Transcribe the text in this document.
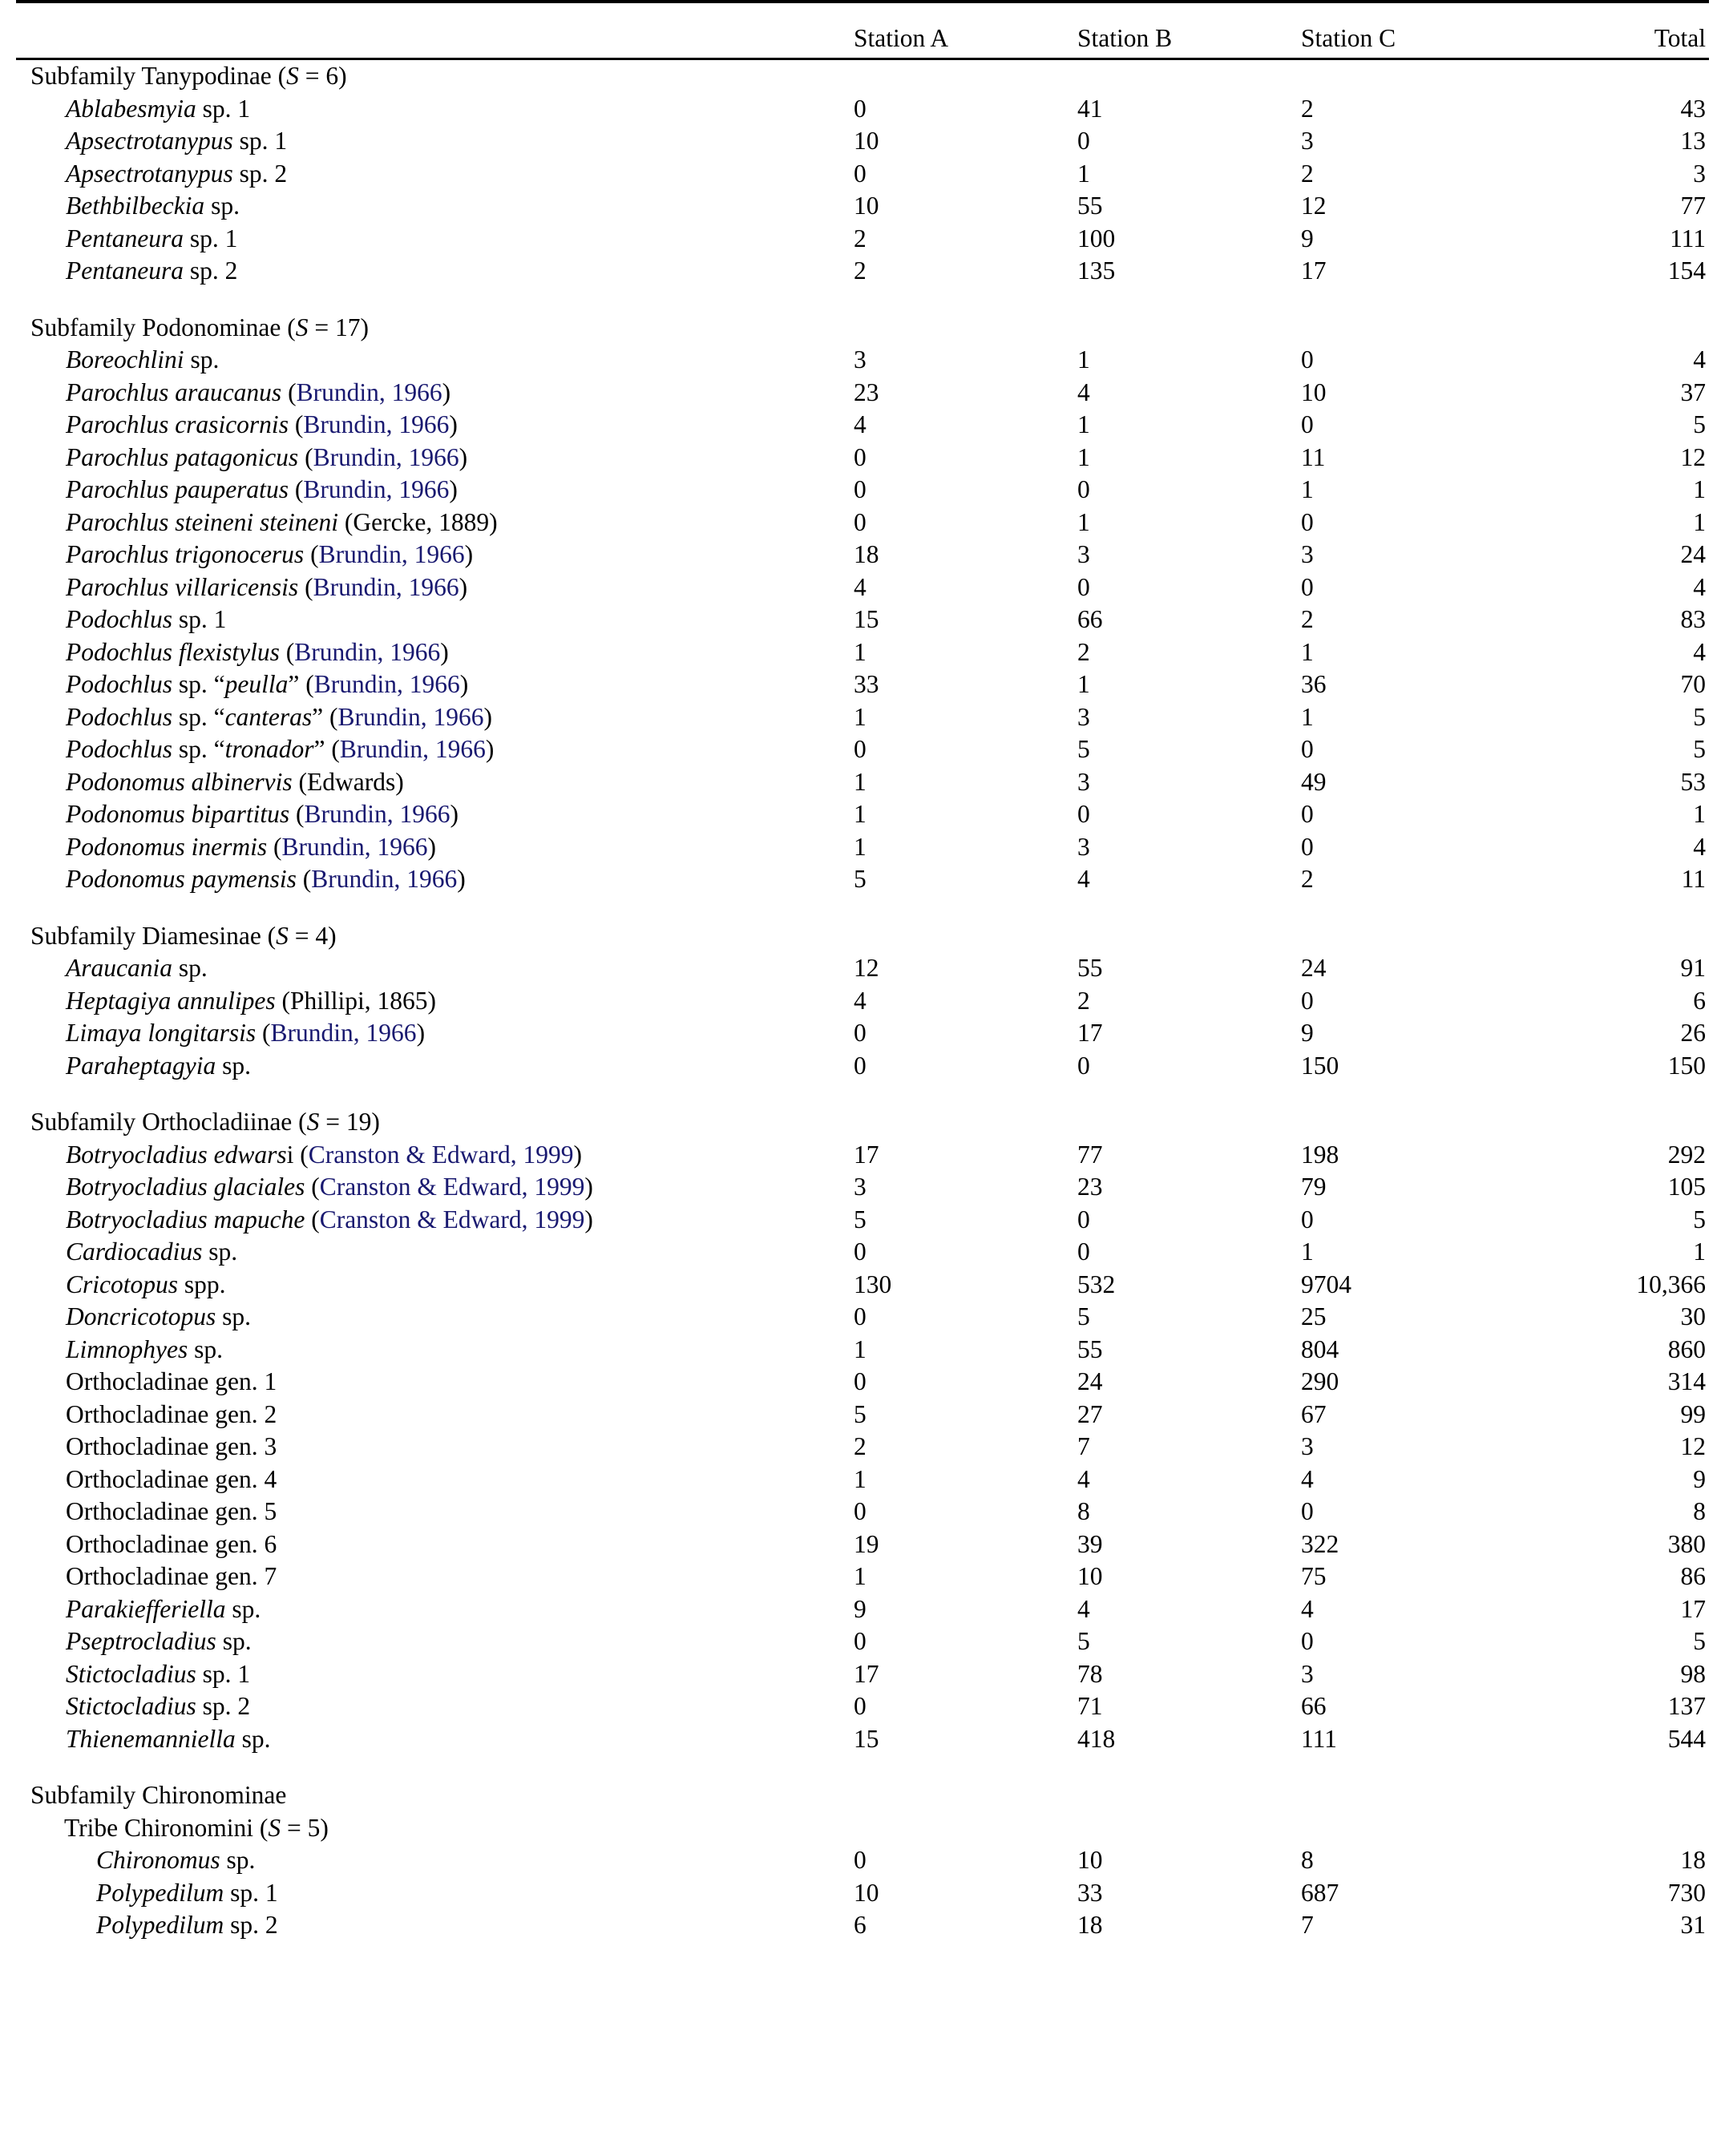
	Station A	Station B	Station C	Total
Subfamily Tanypodinae (S = 6)				
Ablabesmyia sp. 1	0	41	2	43
Apsectrotanypus sp. 1	10	0	3	13
Apsectrotanypus sp. 2	0	1	2	3
Bethbilbeckia sp.	10	55	12	77
Pentaneura sp. 1	2	100	9	111
Pentaneura sp. 2	2	135	17	154

Subfamily Podonominae (S = 17)				
Boreochlini sp.	3	1	0	4
Parochlus araucanus (Brundin, 1966)	23	4	10	37
Parochlus crasicornis (Brundin, 1966)	4	1	0	5
Parochlus patagonicus (Brundin, 1966)	0	1	11	12
Parochlus pauperatus (Brundin, 1966)	0	0	1	1
Parochlus steineni steineni (Gercke, 1889)	0	1	0	1
Parochlus trigonocerus (Brundin, 1966)	18	3	3	24
Parochlus villaricensis (Brundin, 1966)	4	0	0	4
Podochlus sp. 1	15	66	2	83
Podochlus flexistylus (Brundin, 1966)	1	2	1	4
Podochlus sp. “peulla” (Brundin, 1966)	33	1	36	70
Podochlus sp. “canteras” (Brundin, 1966)	1	3	1	5
Podochlus sp. “tronador” (Brundin, 1966)	0	5	0	5
Podonomus albinervis (Edwards)	1	3	49	53
Podonomus bipartitus (Brundin, 1966)	1	0	0	1
Podonomus inermis (Brundin, 1966)	1	3	0	4
Podonomus paymensis (Brundin, 1966)	5	4	2	11

Subfamily Diamesinae (S = 4)				
Araucania sp.	12	55	24	91
Heptagiya annulipes (Phillipi, 1865)	4	2	0	6
Limaya longitarsis (Brundin, 1966)	0	17	9	26
Paraheptagyia sp.	0	0	150	150

Subfamily Orthocladiinae (S = 19)				
Botryocladius edwarsi (Cranston & Edward, 1999)	17	77	198	292
Botryocladius glaciales (Cranston & Edward, 1999)	3	23	79	105
Botryocladius mapuche (Cranston & Edward, 1999)	5	0	0	5
Cardiocadius sp.	0	0	1	1
Cricotopus spp.	130	532	9704	10,366
Doncricotopus sp.	0	5	25	30
Limnophyes sp.	1	55	804	860
Orthocladinae gen. 1	0	24	290	314
Orthocladinae gen. 2	5	27	67	99
Orthocladinae gen. 3	2	7	3	12
Orthocladinae gen. 4	1	4	4	9
Orthocladinae gen. 5	0	8	0	8
Orthocladinae gen. 6	19	39	322	380
Orthocladinae gen. 7	1	10	75	86
Parakiefferiella sp.	9	4	4	17
Pseptrocladius sp.	0	5	0	5
Stictocladius sp. 1	17	78	3	98
Stictocladius sp. 2	0	71	66	137
Thienemanniella sp.	15	418	111	544

Subfamily Chironominae				
Tribe Chironomini (S = 5)				
Chironomus sp.	0	10	8	18
Polypedilum sp. 1	10	33	687	730
Polypedilum sp. 2	6	18	7	31
